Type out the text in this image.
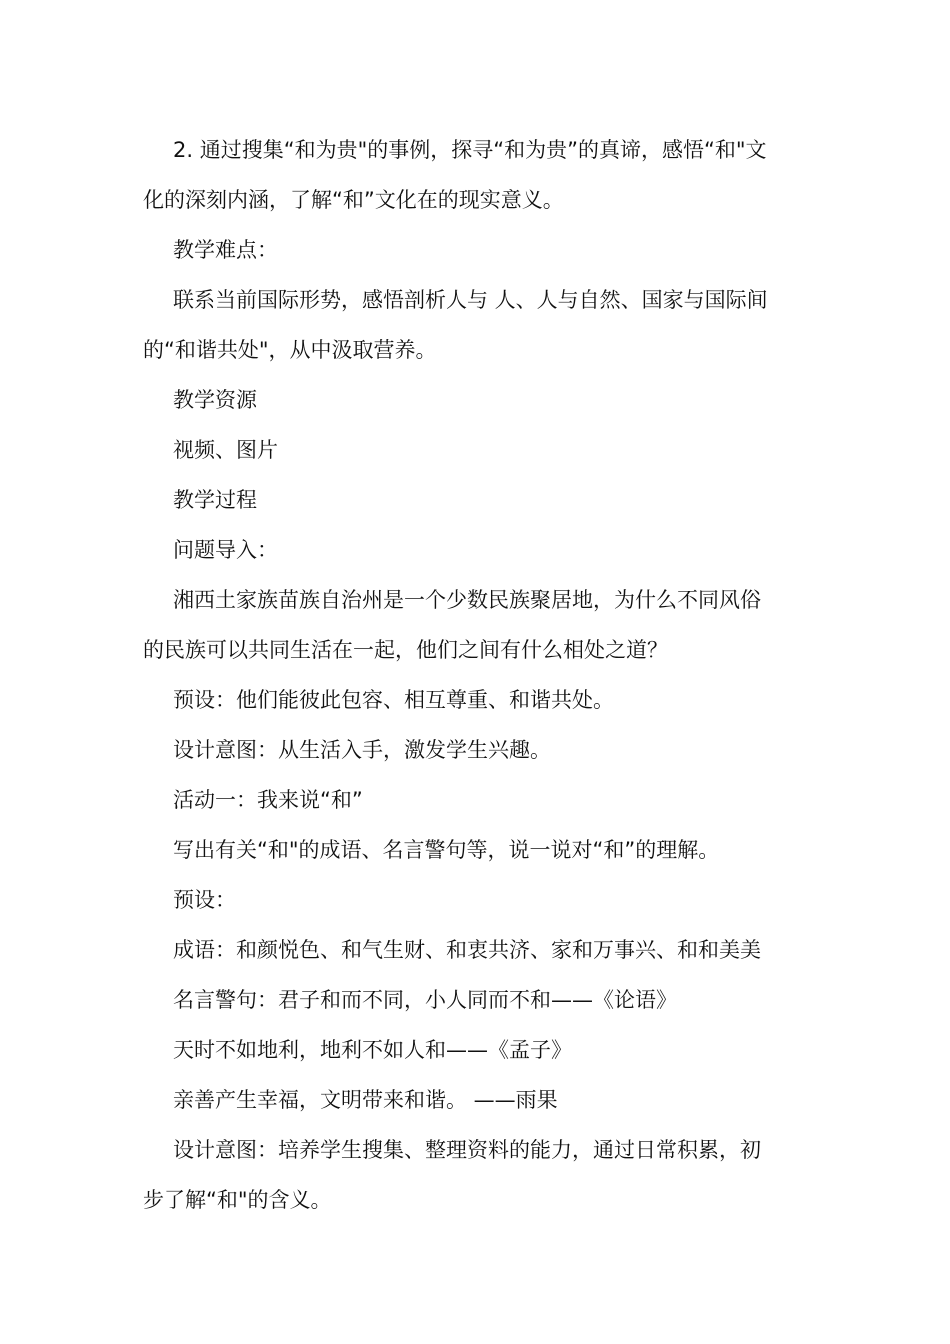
2. 通过搜集“和为贵"的事例，探寻“和为贵”的真谛，感悟“和"文

化的深刻内涵，了解“和”文化在的现实意义。

教学难点：

联系当前国际形势，感悟剖析人与 人、人与自然、国家与国际间

的“和谐共处"，从中汲取营养。

教学资源

视频、图片

教学过程

问题导入：

湘西土家族苗族自治州是一个少数民族聚居地，为什么不同风俗

的民族可以共同生活在一起，他们之间有什么相处之道？

预设：他们能彼此包容、相互尊重、和谐共处。

设计意图：从生活入手，激发学生兴趣。

活动一：我来说“和”

写出有关“和"的成语、名言警句等，说一说对“和”的理解。

预设：

成语：和颜悦色、和气生财、和衷共济、家和万事兴、和和美美

名言警句：君子和而不同，小人同而不和——《论语》

天时不如地利，地利不如人和——《孟子》

亲善产生幸福，文明带来和谐。 ——雨果

设计意图：培养学生搜集、整理资料的能力，通过日常积累，初

步了解“和"的含义。
